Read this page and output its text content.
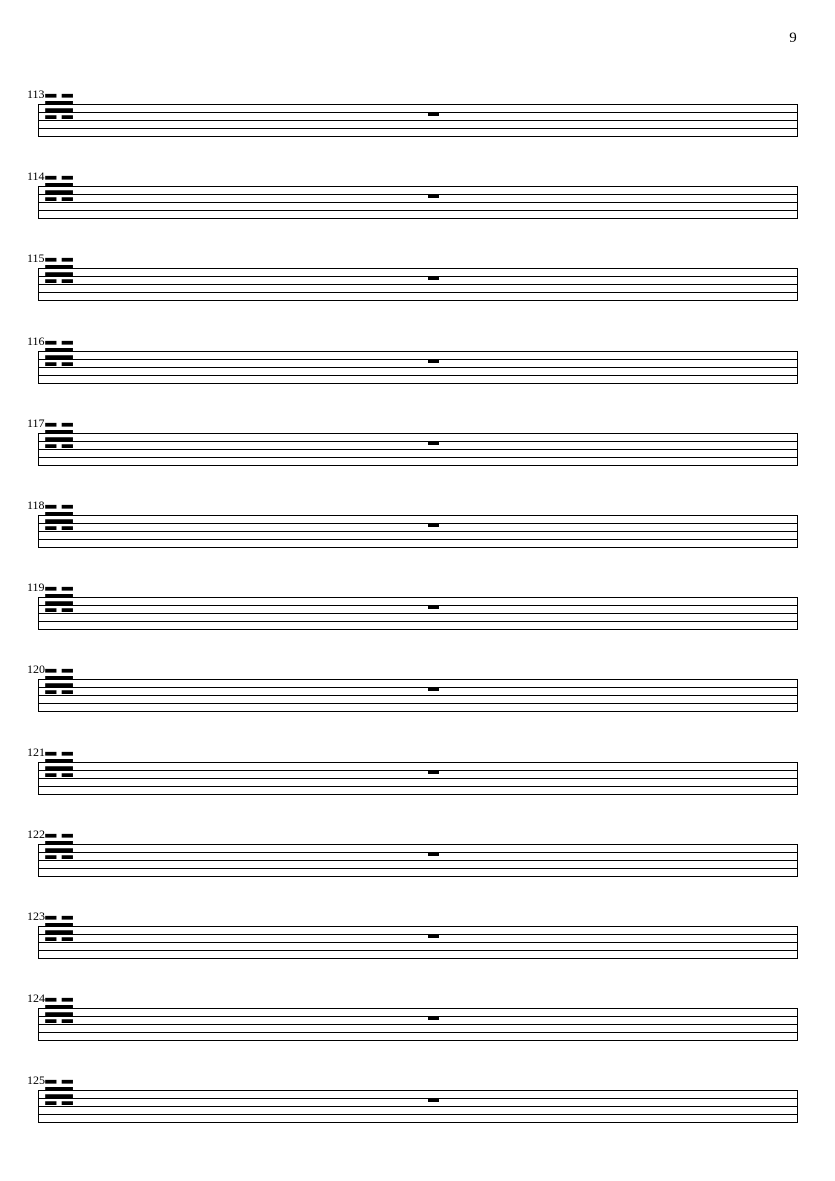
9
113
𝌢
114
𝌢
115
𝌢
116
𝌢
117
𝌢
118
𝌢
119
𝌢
120
𝌢
121
𝌢
122
𝌢
123
𝌢
124
𝌢
125
𝌢
